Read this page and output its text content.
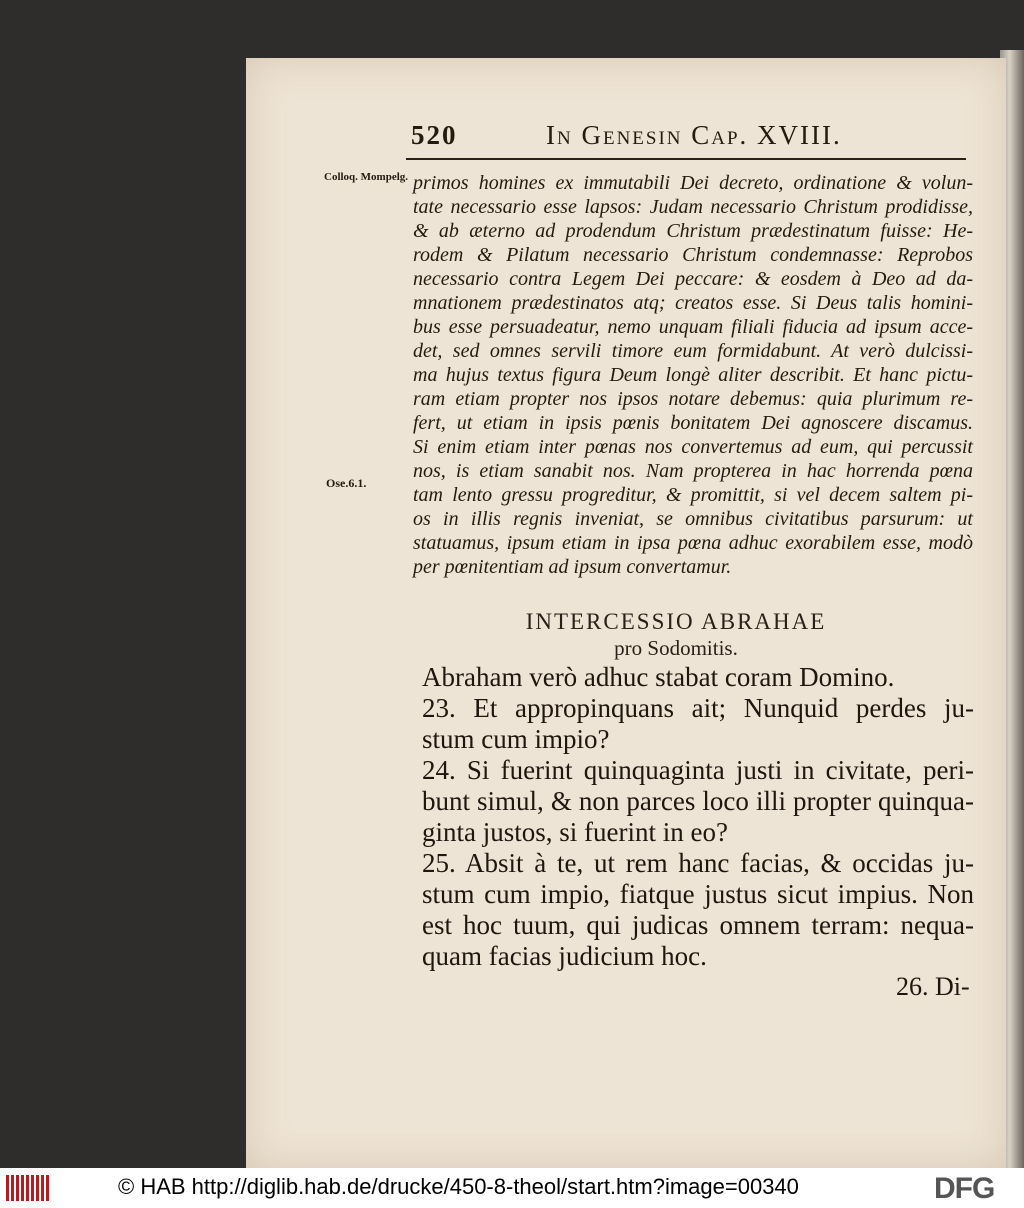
520	In Genesin Cap. XVIII.
Colloq. Mompelg.
Ose.6.1.
primos homines ex immutabili Dei decreto, ordinatione & volun-
tate necessario esse lapsos: Judam necessario Christum prodidisse,
& ab æterno ad prodendum Christum prædestinatum fuisse: He-
rodem & Pilatum necessario Christum condemnasse: Reprobos
necessario contra Legem Dei peccare: & eosdem à Deo ad da-
mnationem prædestinatos atq; creatos esse. Si Deus talis homini-
bus esse persuadeatur, nemo unquam filiali fiducia ad ipsum acce-
det, sed omnes servili timore eum formidabunt. At verò dulcissi-
ma hujus textus figura Deum longè aliter describit. Et hanc pictu-
ram etiam propter nos ipsos notare debemus: quia plurimum re-
fert, ut etiam in ipsis pœnis bonitatem Dei agnoscere discamus.
Si enim etiam inter pœnas nos convertemus ad eum, qui percussit
nos, is etiam sanabit nos. Nam propterea in hac horrenda pœna
tam lento gressu progreditur, & promittit, si vel decem saltem pi-
os in illis regnis inveniat, se omnibus civitatibus parsurum: ut
statuamus, ipsum etiam in ipsa pœna adhuc exorabilem esse, modò
per pœnitentiam ad ipsum convertamur.
INTERCESSIO ABRAHAE
pro Sodomitis.
Abraham verò adhuc stabat coram Domino.
23. Et appropinquans ait; Nunquid perdes ju-
stum cum impio?
24. Si fuerint quinquaginta justi in civitate, peri-
bunt simul, & non parces loco illi propter quinqua-
ginta justos, si fuerint in eo?
25. Absit à te, ut rem hanc facias, & occidas ju-
stum cum impio, fiatque justus sicut impius. Non
est hoc tuum, qui judicas omnem terram: nequa-
quam facias judicium hoc.
26. Di-
© HAB http://diglib.hab.de/drucke/450-8-theol/start.htm?image=00340	DFG
